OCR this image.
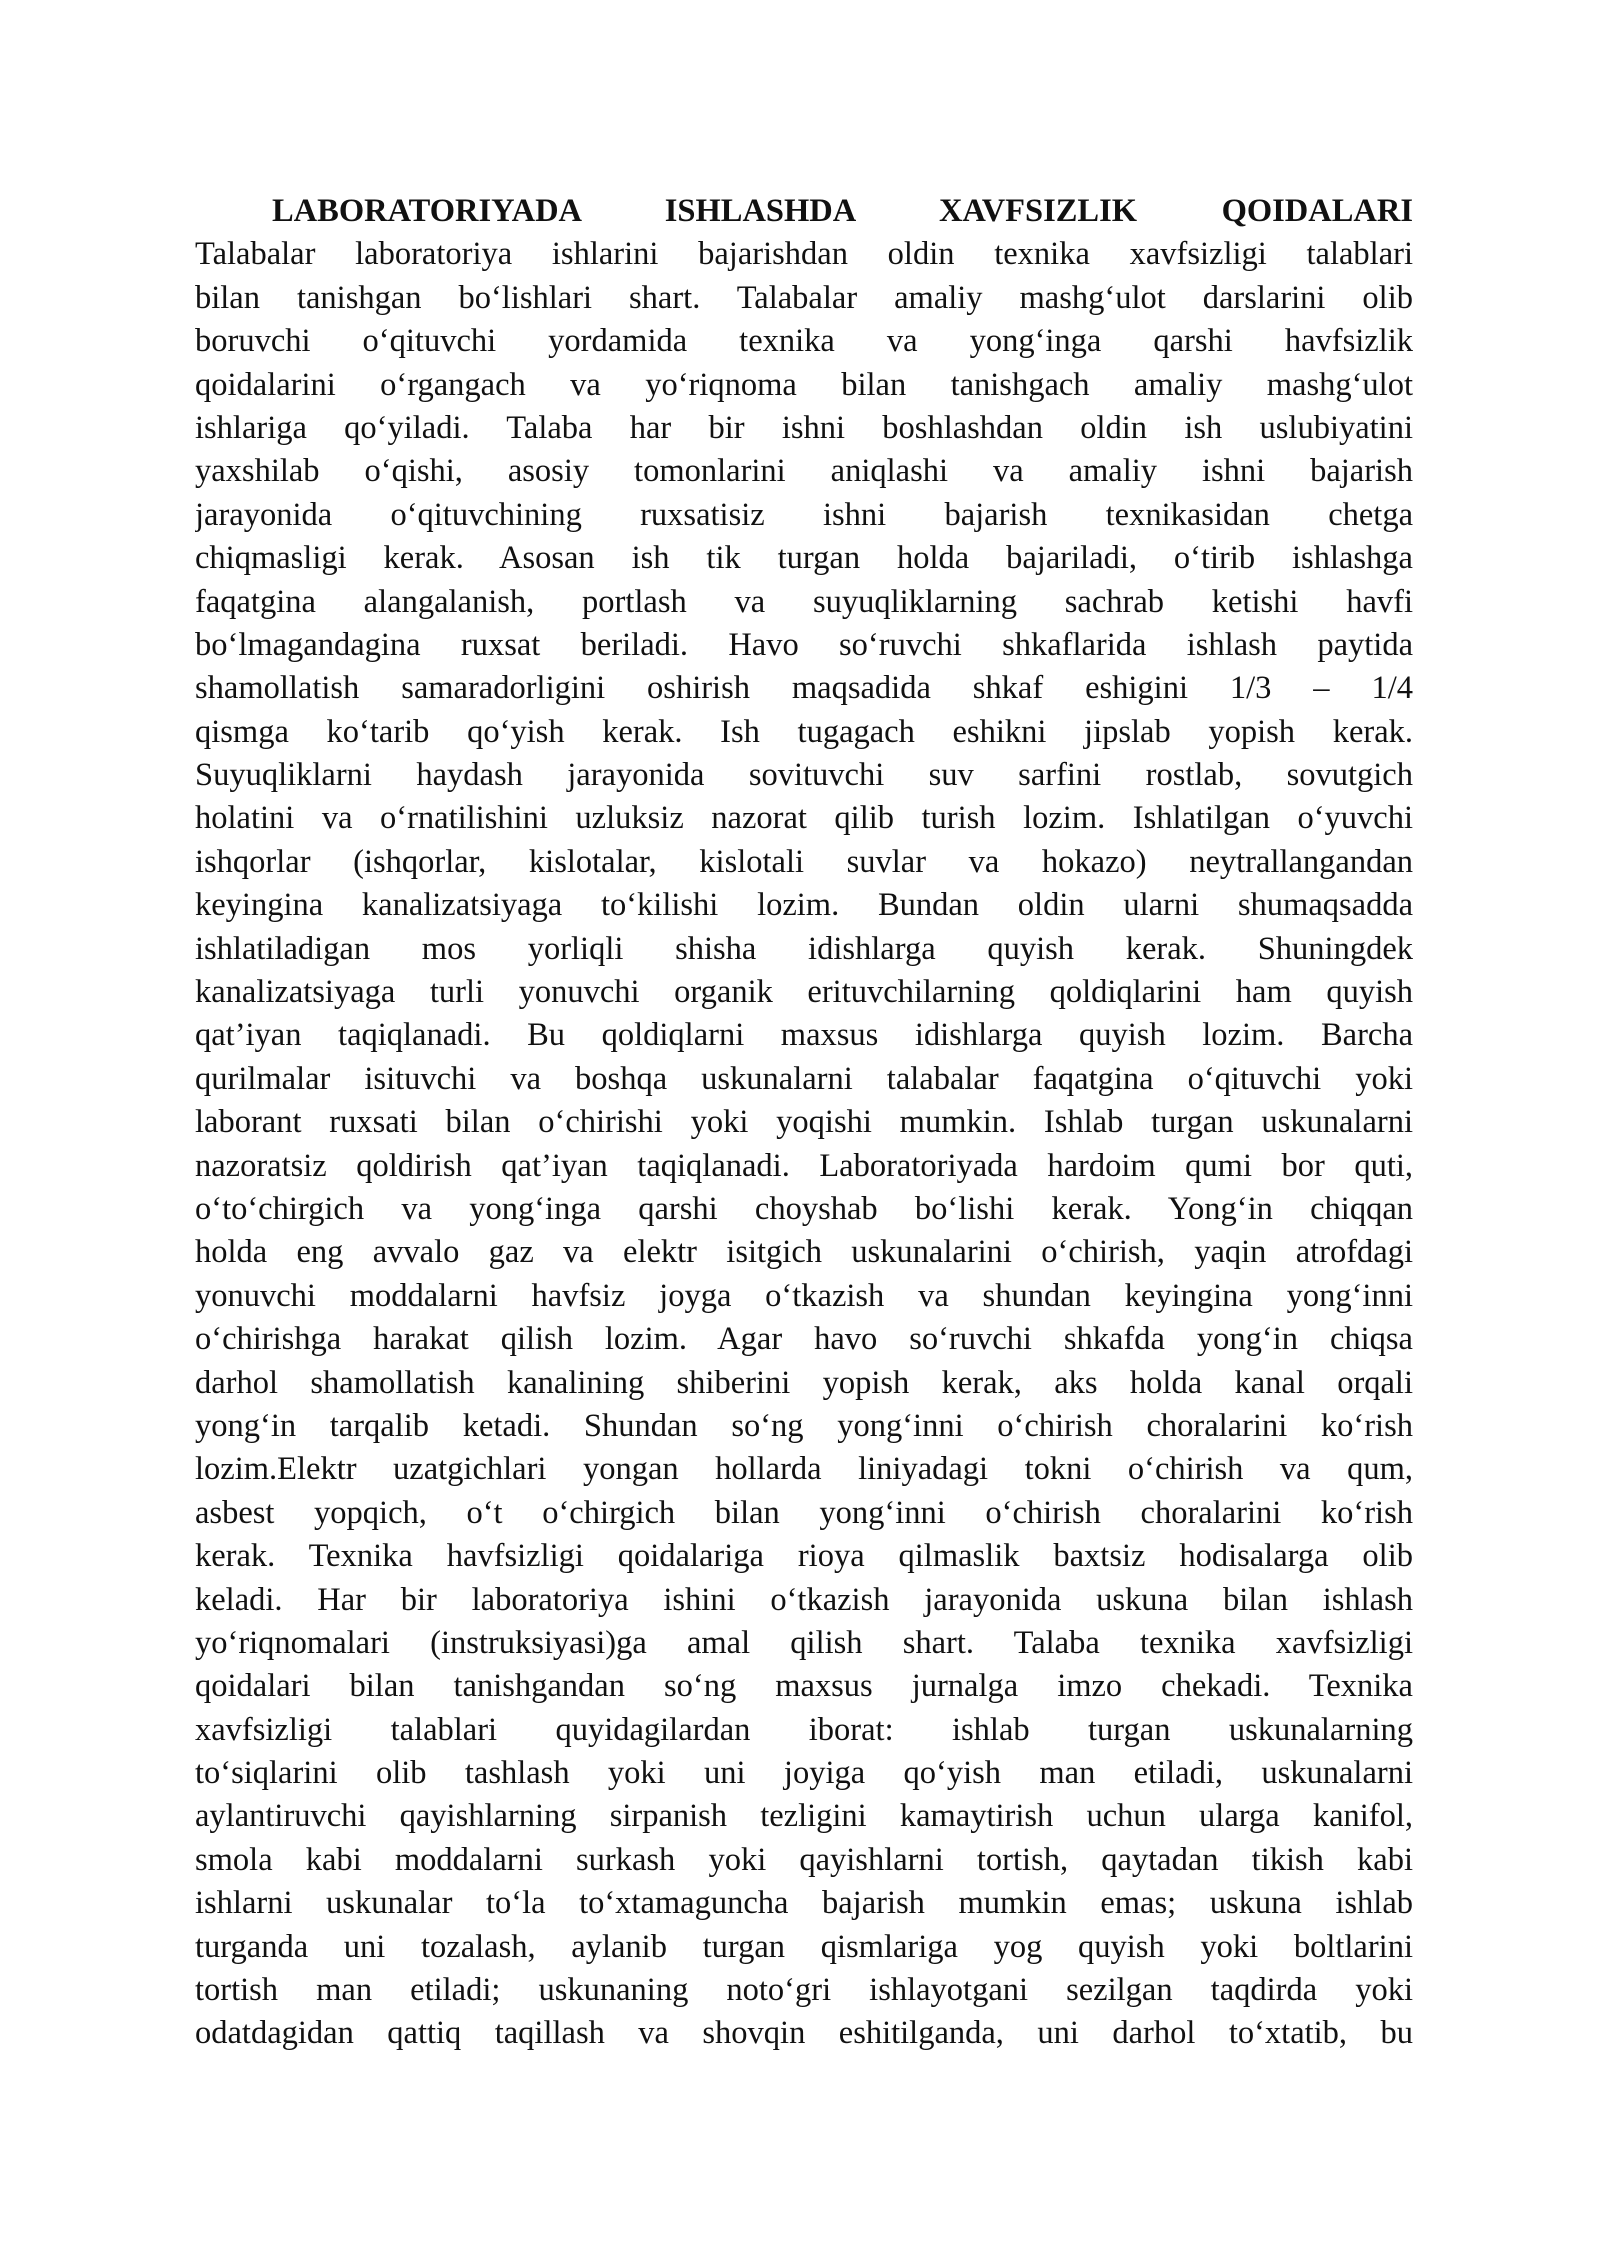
LABORATORIYADA ISHLASHDA XAVFSIZLIK QOIDALARI
Talabalar laboratoriya ishlarini bajarishdan oldin texnika xavfsizligi talablari
bilan tanishgan bo‘lishlari shart. Talabalar amaliy mashg‘ulot darslarini olib
boruvchi o‘qituvchi yordamida texnika va yong‘inga qarshi havfsizlik
qoidalarini o‘rgangach va yo‘riqnoma bilan tanishgach amaliy mashg‘ulot
ishlariga qo‘yiladi. Talaba har bir ishni boshlashdan oldin ish uslubiyatini
yaxshilab o‘qishi, asosiy tomonlarini aniqlashi va amaliy ishni bajarish
jarayonida o‘qituvchining ruxsatisiz ishni bajarish texnikasidan chetga
chiqmasligi kerak. Asosan ish tik turgan holda bajariladi, o‘tirib ishlashga
faqatgina alangalanish, portlash va suyuqliklarning sachrab ketishi havfi
bo‘lmagandagina ruxsat beriladi. Havo so‘ruvchi shkaflarida ishlash paytida
shamollatish samaradorligini oshirish maqsadida shkaf eshigini 1/3 – 1/4
qismga ko‘tarib qo‘yish kerak. Ish tugagach eshikni jipslab yopish kerak.
Suyuqliklarni haydash jarayonida sovituvchi suv sarfini rostlab, sovutgich
holatini va o‘rnatilishini uzluksiz nazorat qilib turish lozim. Ishlatilgan o‘yuvchi
ishqorlar (ishqorlar, kislotalar, kislotali suvlar va hokazo) neytrallangandan
keyingina kanalizatsiyaga to‘kilishi lozim. Bundan oldin ularni shumaqsadda
ishlatiladigan mos yorliqli shisha idishlarga quyish kerak. Shuningdek
kanalizatsiyaga turli yonuvchi organik erituvchilarning qoldiqlarini ham quyish
qat’iyan taqiqlanadi. Bu qoldiqlarni maxsus idishlarga quyish lozim. Barcha
qurilmalar isituvchi va boshqa uskunalarni talabalar faqatgina o‘qituvchi yoki
laborant ruxsati bilan o‘chirishi yoki yoqishi mumkin. Ishlab turgan uskunalarni
nazoratsiz qoldirish qat’iyan taqiqlanadi. Laboratoriyada hardoim qumi bor quti,
o‘to‘chirgich va yong‘inga qarshi choyshab bo‘lishi kerak. Yong‘in chiqqan
holda eng avvalo gaz va elektr isitgich uskunalarini o‘chirish, yaqin atrofdagi
yonuvchi moddalarni havfsiz joyga o‘tkazish va shundan keyingina yong‘inni
o‘chirishga harakat qilish lozim. Agar havo so‘ruvchi shkafda yong‘in chiqsa
darhol shamollatish kanalining shiberini yopish kerak, aks holda kanal orqali
yong‘in tarqalib ketadi. Shundan so‘ng yong‘inni o‘chirish choralarini ko‘rish
lozim.Elektr uzatgichlari yongan hollarda liniyadagi tokni o‘chirish va qum,
asbest yopqich, o‘t o‘chirgich bilan yong‘inni o‘chirish choralarini ko‘rish
kerak. Texnika havfsizligi qoidalariga rioya qilmaslik baxtsiz hodisalarga olib
keladi. Har bir laboratoriya ishini o‘tkazish jarayonida uskuna bilan ishlash
yo‘riqnomalari (instruksiyasi)ga amal qilish shart. Talaba texnika xavfsizligi
qoidalari bilan tanishgandan so‘ng maxsus jurnalga imzo chekadi. Texnika
xavfsizligi talablari quyidagilardan iborat: ishlab turgan uskunalarning
to‘siqlarini olib tashlash yoki uni joyiga qo‘yish man etiladi, uskunalarni
aylantiruvchi qayishlarning sirpanish tezligini kamaytirish uchun ularga kanifol,
smola kabi moddalarni surkash yoki qayishlarni tortish, qaytadan tikish kabi
ishlarni uskunalar to‘la to‘xtamaguncha bajarish mumkin emas; uskuna ishlab
turganda uni tozalash, aylanib turgan qismlariga yog quyish yoki boltlarini
tortish man etiladi; uskunaning noto‘gri ishlayotgani sezilgan taqdirda yoki
odatdagidan qattiq taqillash va shovqin eshitilganda, uni darhol to‘xtatib, bu
